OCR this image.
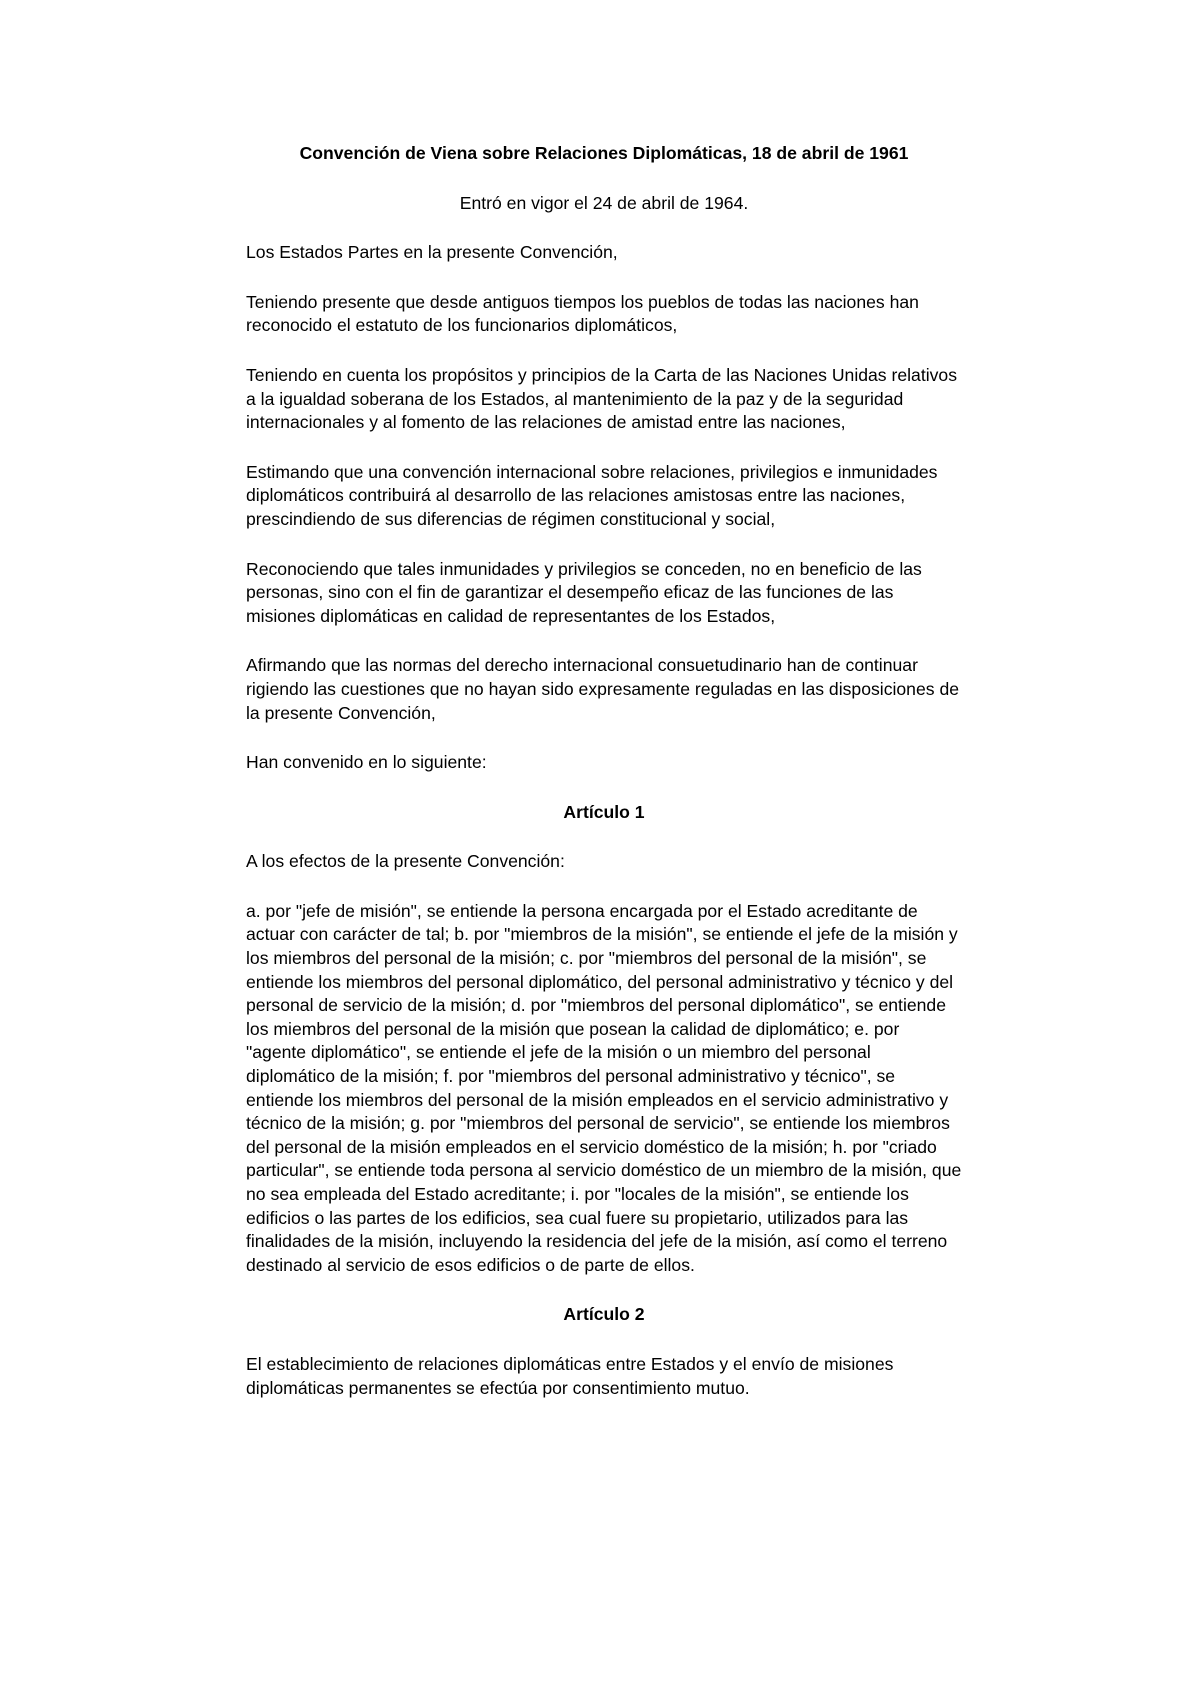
Convención de Viena sobre Relaciones Diplomáticas, 18 de abril de 1961
Entró en vigor el 24 de abril de 1964.
Los Estados Partes en la presente Convención,
Teniendo presente que desde antiguos tiempos los pueblos de todas las naciones han reconocido el estatuto de los funcionarios diplomáticos,
Teniendo en cuenta los propósitos y principios de la Carta de las Naciones Unidas relativos a la igualdad soberana de los Estados, al mantenimiento de la paz y de la seguridad internacionales y al fomento de las relaciones de amistad entre las naciones,
Estimando que una convención internacional sobre relaciones, privilegios e inmunidades diplomáticos contribuirá al desarrollo de las relaciones amistosas entre las naciones, prescindiendo de sus diferencias de régimen constitucional y social,
Reconociendo que tales inmunidades y privilegios se conceden, no en beneficio de las personas, sino con el fin de garantizar el desempeño eficaz de las funciones de las misiones diplomáticas en calidad de representantes de los Estados,
Afirmando que las normas del derecho internacional consuetudinario han de continuar rigiendo las cuestiones que no hayan sido expresamente reguladas en las disposiciones de la presente Convención,
Han convenido en lo siguiente:
Artículo 1
A los efectos de la presente Convención:
a. por "jefe de misión", se entiende la persona encargada por el Estado acreditante de actuar con carácter de tal; b. por "miembros de la misión", se entiende el jefe de la misión y los miembros del personal de la misión; c. por "miembros del personal de la misión", se entiende los miembros del personal diplomático, del personal administrativo y técnico y del personal de servicio de la misión; d. por "miembros del personal diplomático", se entiende los miembros del personal de la misión que posean la calidad de diplomático; e. por "agente diplomático", se entiende el jefe de la misión o un miembro del personal diplomático de la misión; f. por "miembros del personal administrativo y técnico", se entiende los miembros del personal de la misión empleados en el servicio administrativo y técnico de la misión; g. por "miembros del personal de servicio", se entiende los miembros del personal de la misión empleados en el servicio doméstico de la misión; h. por "criado particular", se entiende toda persona al servicio doméstico de un miembro de la misión, que no sea empleada del Estado acreditante; i. por "locales de la misión", se entiende los edificios o las partes de los edificios, sea cual fuere su propietario, utilizados para las finalidades de la misión, incluyendo la residencia del jefe de la misión, así como el terreno destinado al servicio de esos edificios o de parte de ellos.
Artículo 2
El establecimiento de relaciones diplomáticas entre Estados y el envío de misiones diplomáticas permanentes se efectúa por consentimiento mutuo.
